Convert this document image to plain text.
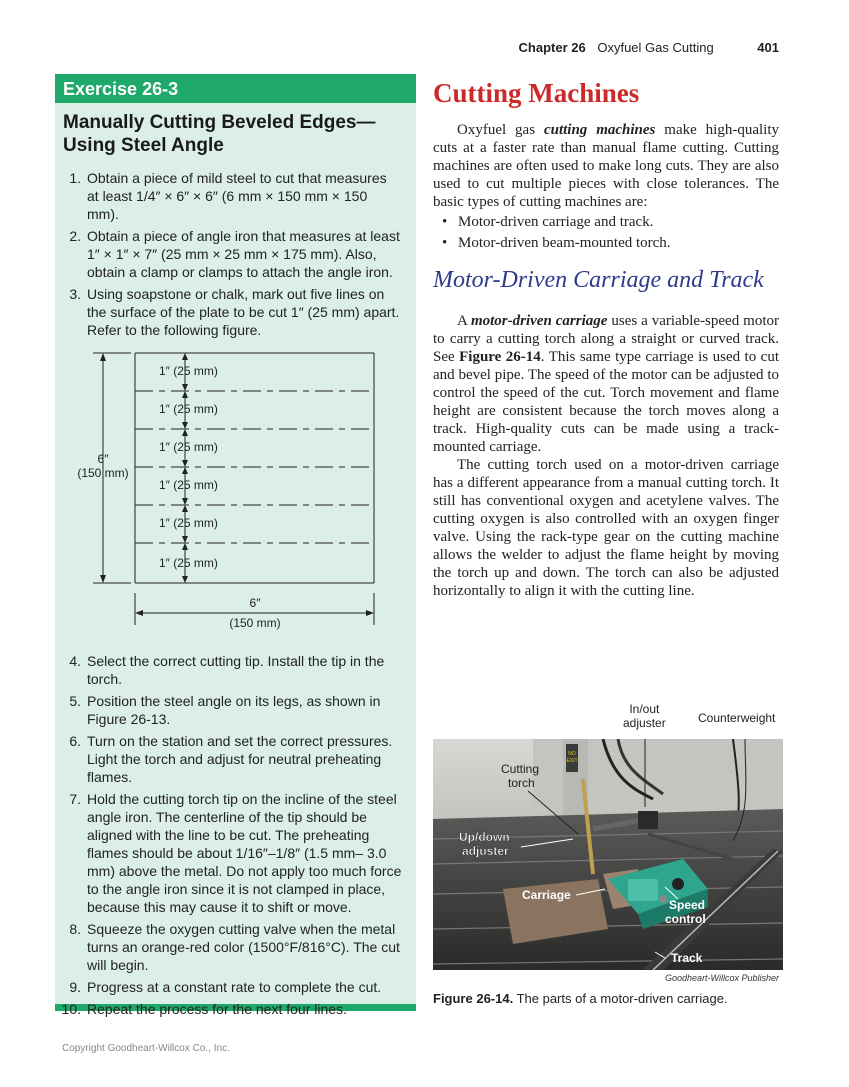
Chapter 26 Oxyfuel Gas Cutting	401
Exercise 26-3
Manually Cutting Beveled Edges—
Using Steel Angle
1. Obtain a piece of mild steel to cut that measures at least 1/4″ × 6″ × 6″ (6 mm × 150 mm × 150 mm).
2. Obtain a piece of angle iron that measures at least 1″ × 1″ × 7″ (25 mm × 25 mm × 175 mm). Also, obtain a clamp or clamps to attach the angle iron.
3. Using soapstone or chalk, mark out five lines on the surface of the plate to be cut 1″ (25 mm) apart. Refer to the following figure.
1″ (25 mm)
1″ (25 mm)
1″ (25 mm)
1″ (25 mm)
1″ (25 mm)
1″ (25 mm)
6″
(150 mm)
6″
(150 mm)
4. Select the correct cutting tip. Install the tip in the torch.
5. Position the steel angle on its legs, as shown in Figure 26-13.
6. Turn on the station and set the correct pressures. Light the torch and adjust for neutral preheating flames.
7. Hold the cutting torch tip on the incline of the steel angle iron. The centerline of the tip should be aligned with the line to be cut. The preheating flames should be about 1/16″–1/8″ (1.5 mm– 3.0 mm) above the metal. Do not apply too much force to the angle iron since it is not clamped in place, because this may cause it to shift or move.
8. Squeeze the oxygen cutting valve when the metal turns an orange-red color (1500°F/816°C). The cut will begin.
9. Progress at a constant rate to complete the cut.
10. Repeat the process for the next four lines.
Cutting Machines

Oxyfuel gas cutting machines make high-quality cuts at a faster rate than manual flame cutting. Cutting machines are often used to make long cuts. They are also used to cut multiple pieces with close tolerances. The basic types of cutting machines are:

• Motor-driven carriage and track.
• Motor-driven beam-mounted torch.
Motor-Driven Carriage and Track

A motor-driven carriage uses a variable-speed motor to carry a cutting torch along a straight or curved track. See Figure 26-14. This same type carriage is used to cut and bevel pipe. The speed of the motor can be adjusted to control the speed of the cut. Torch movement and flame height are consistent because the torch moves along a track. High-quality cuts can be made using a track-mounted carriage.

The cutting torch used on a motor-driven carriage has a different appearance from a manual cutting torch. It still has conventional oxygen and acetylene valves. The cutting oxygen is also controlled with an oxygen finger valve. Using the rack-type gear on the cutting machine allows the welder to adjust the flame height by moving the torch up and down. The torch can also be adjusted horizontally to align it with the cutting line.

In/out
adjuster	Counterweight
NO
EXIT
Cutting
torch
Up/down
adjuster
Carriage
Speed
control
Track
Goodheart-Willcox Publisher
Figure 26-14. The parts of a motor-driven carriage.
Copyright Goodheart-Willcox Co., Inc.
